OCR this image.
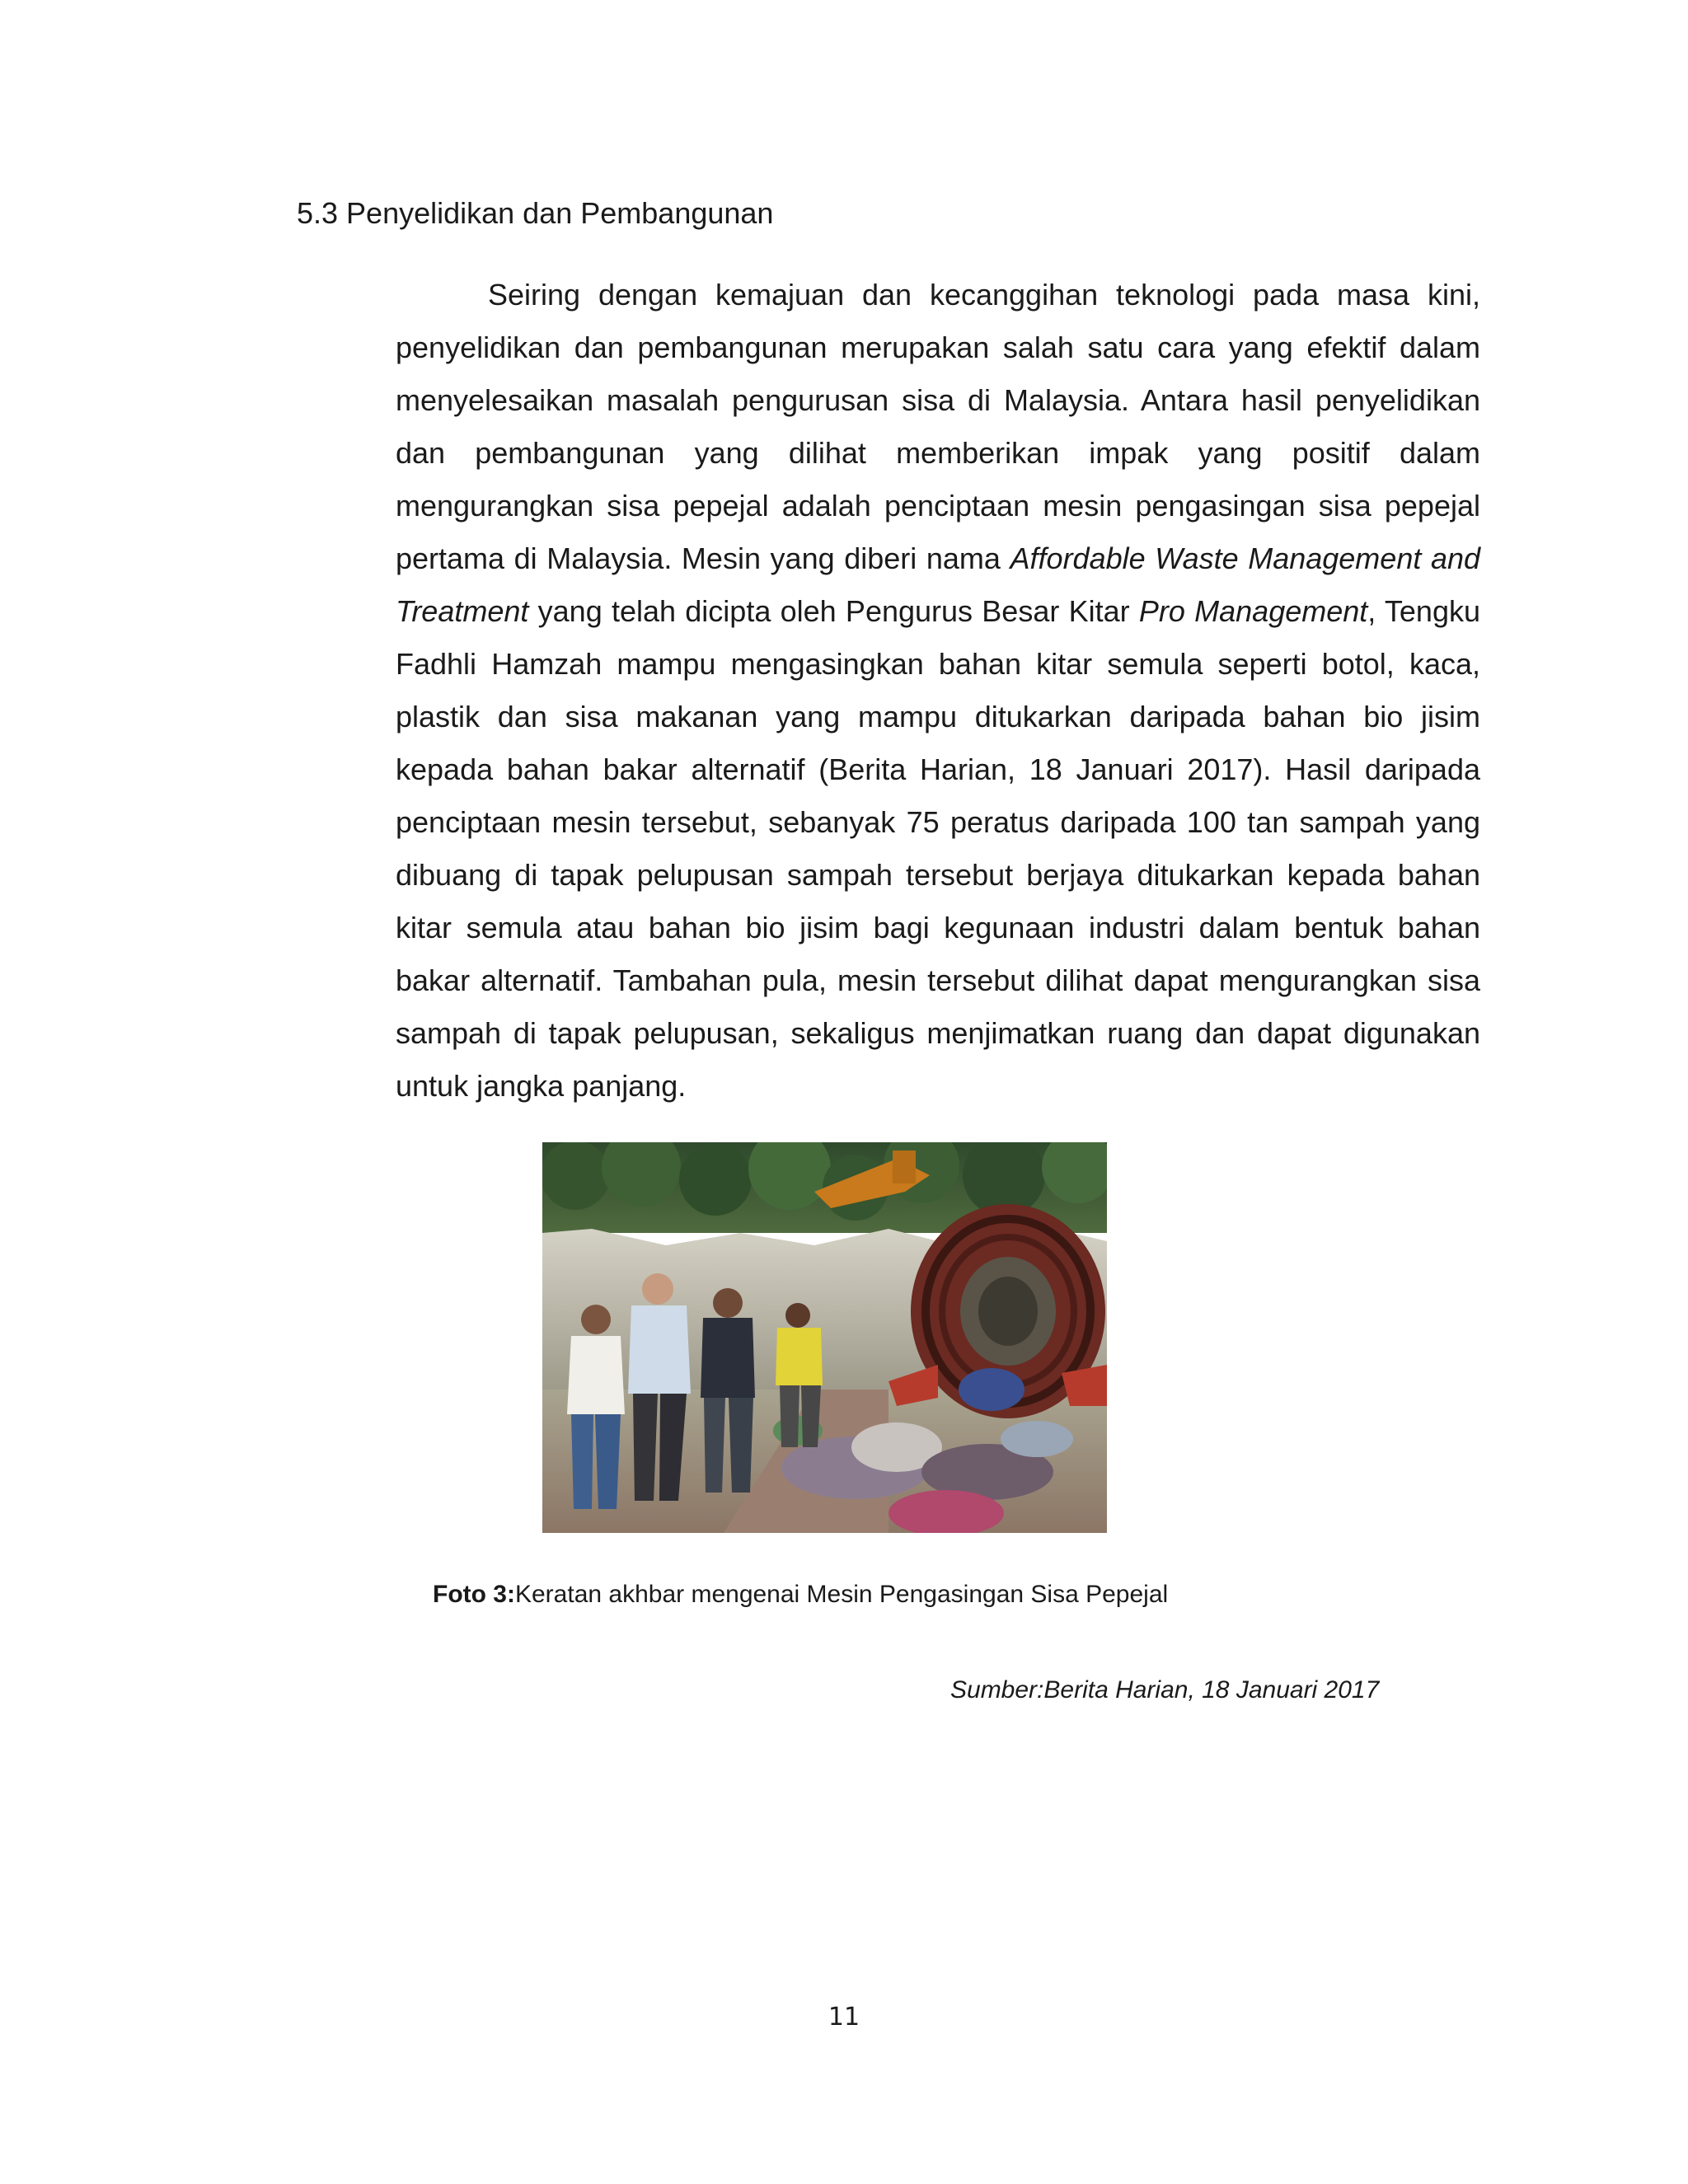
5.3 Penyelidikan dan Pembangunan

Seiring dengan kemajuan dan kecanggihan teknologi pada masa kini, penyelidikan dan pembangunan merupakan salah satu cara yang efektif dalam menyelesaikan masalah pengurusan sisa di Malaysia. Antara hasil penyelidikan dan pembangunan yang dilihat memberikan impak yang positif dalam mengurangkan sisa pepejal adalah penciptaan mesin pengasingan sisa pepejal pertama di Malaysia. Mesin yang diberi nama Affordable Waste Management and Treatment yang telah dicipta oleh Pengurus Besar Kitar Pro Management, Tengku Fadhli Hamzah mampu mengasingkan bahan kitar semula seperti botol, kaca, plastik dan sisa makanan yang mampu ditukarkan daripada bahan bio jisim kepada bahan bakar alternatif (Berita Harian, 18 Januari 2017). Hasil daripada penciptaan mesin tersebut, sebanyak 75 peratus daripada 100 tan sampah yang dibuang di tapak pelupusan sampah tersebut berjaya ditukarkan kepada bahan kitar semula atau bahan bio jisim bagi kegunaan industri dalam bentuk bahan bakar alternatif. Tambahan pula, mesin tersebut dilihat dapat mengurangkan sisa sampah di tapak pelupusan, sekaligus menjimatkan ruang dan dapat digunakan untuk jangka panjang.

Foto 3:Keratan akhbar mengenai Mesin Pengasingan Sisa Pepejal

Sumber:Berita Harian, 18 Januari 2017

11
